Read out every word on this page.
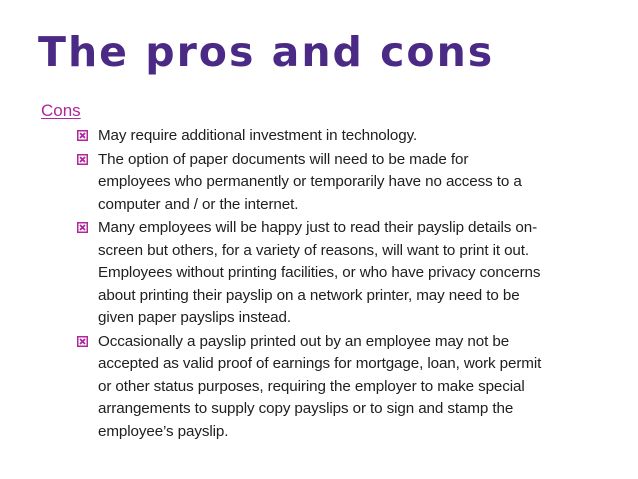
The pros and cons
Cons
May require additional investment in technology.
The option of paper documents will need to be made for
employees who permanently or temporarily have no access to a
computer and / or the internet.
Many employees will be happy just to read their payslip details on-
screen but others, for a variety of reasons, will want to print it out.
Employees without printing facilities, or who have privacy concerns
about printing their payslip on a network printer, may need to be
given paper payslips instead.
Occasionally a payslip printed out by an employee may not be
accepted as valid proof of earnings for mortgage, loan, work permit
or other status purposes, requiring the employer to make special
arrangements to supply copy payslips or to sign and stamp the
employee’s payslip.
